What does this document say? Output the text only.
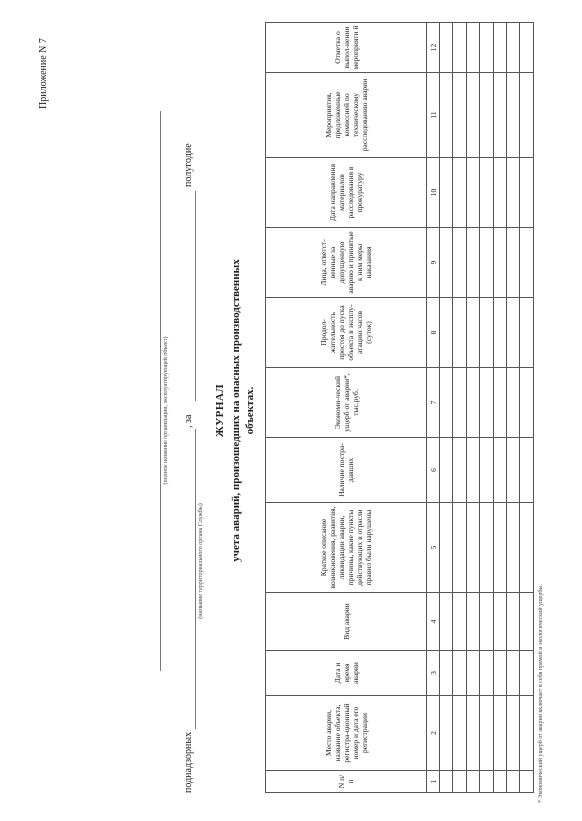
Приложение N 7
ЖУРНАЛ учета аварий, произошедших на опасных производственных объектах.
(полное название организации, эксплуатирующей объект)
поднадзорных
, за
полугодие
(название территориального органа Службы)
N п/п	Место аварии, название объекта, регистра-ционный номер и дата его регистрации	Дата и время аварии	Вид аварии	Краткое описание возникновения, развития, ликвидации аварии, причины, какие пункты действующих в отрасли правил были нарушены	Наличие постра-давших	Экономи-ческий ущерб от аварии*, тыс.руб.	Продол-жительность простоя до пуска объекта в эксплу-атацию часов (суток)	Лица, ответст-венные за допущенную аварию и принятые к ним меры наказания	Дата направления материалов расследования в прокуратуру	Мероприятия, предложенные комиссией по техническому расследованию аварии	Отметка о выпол-нении мероприяти й
1	2	3	4	5	6	7	8	9	10	11	12

* Экономический ущерб от аварии включает в себя прямой и экологический ущербы.
